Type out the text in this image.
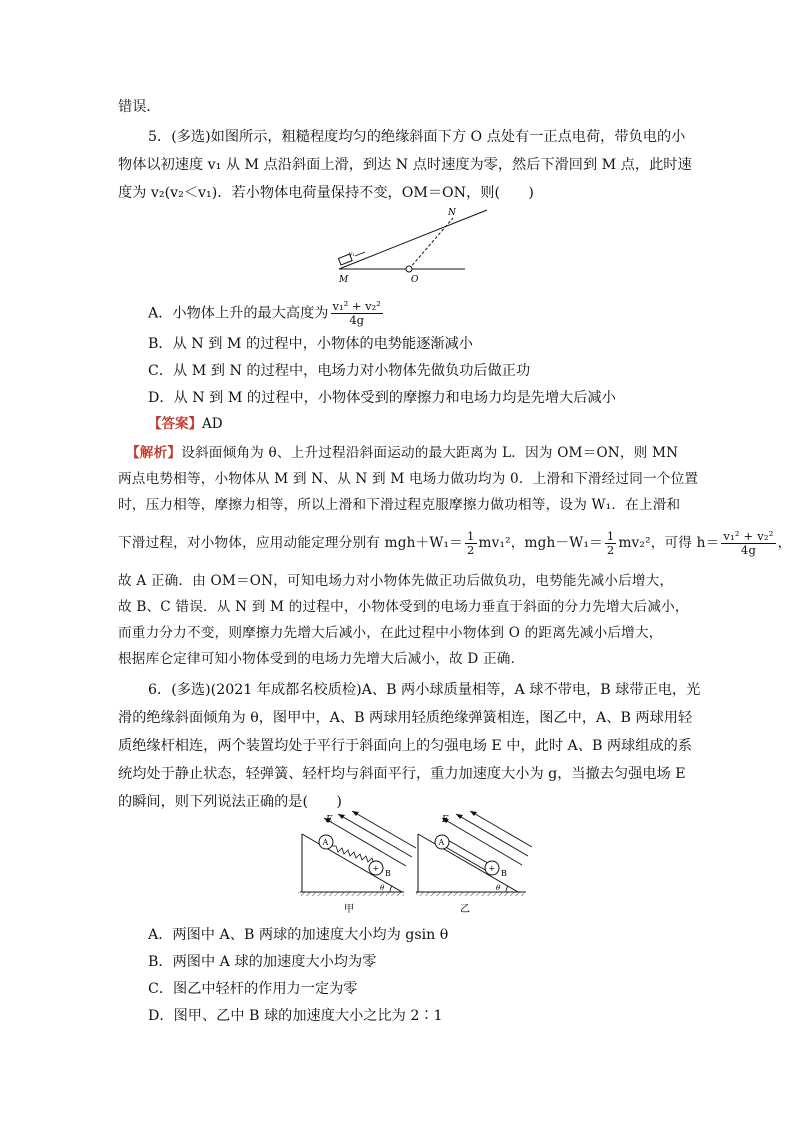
错误．
5．(多选)如图所示，粗糙程度均匀的绝缘斜面下方 O 点处有一正点电荷，带负电的小
物体以初速度 v₁ 从 M 点沿斜面上滑，到达 N 点时速度为零，然后下滑回到 M 点，此时速
度为 v₂(v₂＜v₁)．若小物体电荷量保持不变，OM＝ON，则(　　)
M
N
O
v₁
A．小物体上升的最大高度为 $\frac{\text{v₁² + v₂²}}{4g}$
B．从 N 到 M 的过程中，小物体的电势能逐渐减小
C．从 M 到 N 的过程中，电场力对小物体先做负功后做正功
D．从 N 到 M 的过程中，小物体受到的摩擦力和电场力均是先增大后减小
【答案】AD
【解析】设斜面倾角为 θ、上升过程沿斜面运动的最大距离为 L．因为 OM＝ON，则 MN
两点电势相等，小物体从 M 到 N、从 N 到 M 电场力做功均为 0．上滑和下滑经过同一个位置
时，压力相等，摩擦力相等，所以上滑和下滑过程克服摩擦力做功相等，设为 W₁．在上滑和
下滑过程，对小物体，应用动能定理分别有 $mgh+W_1= \frac{1}{2} mv_1^2$，$mgh-W_1= \frac{1}{2} mv_2^2$，可得 $h= \frac{\text{v₁² + v₂²}}{4g}$ ，
故 A 正确．由 OM＝ON，可知电场力对小物体先做正功后做负功，电势能先减小后增大，
故 B、C 错误．从 N 到 M 的过程中，小物体受到的电场力垂直于斜面的分力先增大后减小，
而重力分力不变，则摩擦力先增大后减小，在此过程中小物体到 O 的距离先减小后增大，
根据库仑定律可知小物体受到的电场力先增大后减小，故 D 正确．
6．(多选)(2021 年成都名校质检)A、B 两小球质量相等，A 球不带电，B 球带正电，光
滑的绝缘斜面倾角为 θ，图甲中，A、B 两球用轻质绝缘弹簧相连，图乙中，A、B 两球用轻
质绝缘杆相连，两个装置均处于平行于斜面向上的匀强电场 E 中，此时 A、B 两球组成的系
统均处于静止状态，轻弹簧、轻杆均与斜面平行，重力加速度大小为 g，当撤去匀强电场 E
的瞬间，则下列说法正确的是(　　)
E
A
+
B
θ
甲
E
A
+
B
θ
乙
A．两图中 A、B 两球的加速度大小均为 gsin θ
B．两图中 A 球的加速度大小均为零
C．图乙中轻杆的作用力一定为零
D．图甲、乙中 B 球的加速度大小之比为 2∶1
